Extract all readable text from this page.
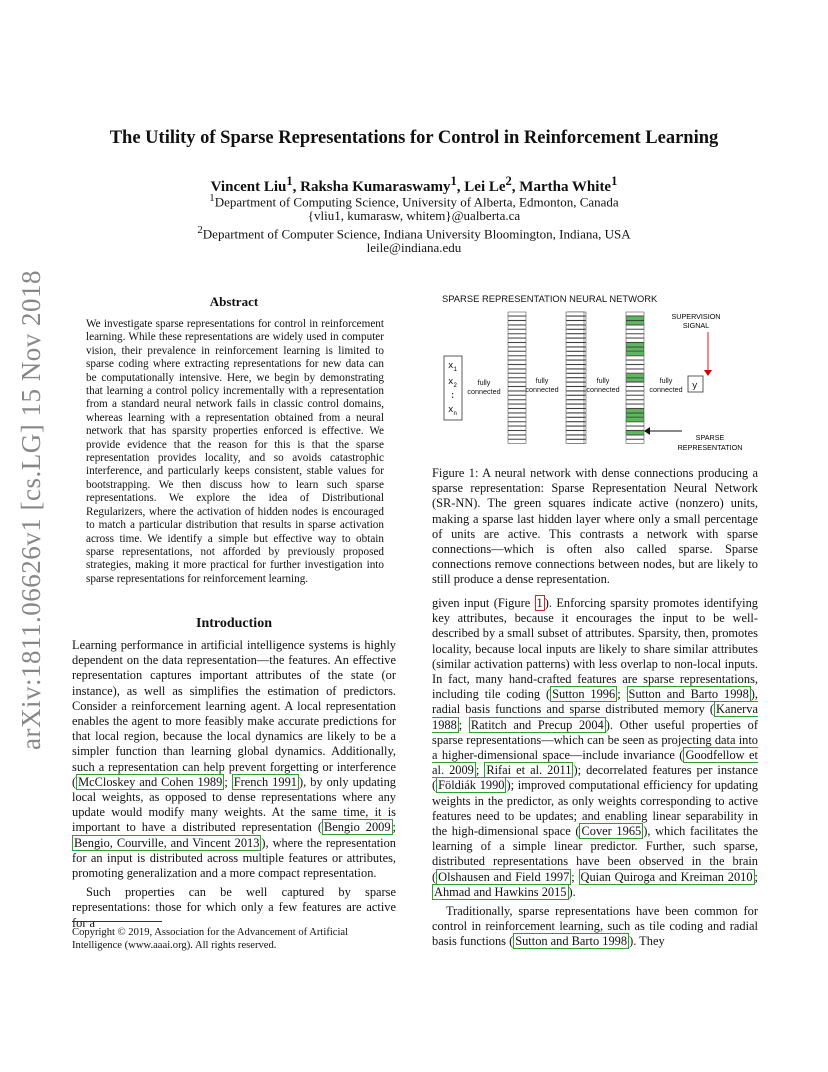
arXiv:1811.06626v1 [cs.LG] 15 Nov 2018
The Utility of Sparse Representations for Control in Reinforcement Learning
Vincent Liu$^1$, Raksha Kumaraswamy$^1$, Lei Le$^2$, Martha White$^1$
$^1$Department of Computing Science, University of Alberta, Edmonton, Canada
{vliu1, kumarasw, whitem}@ualberta.ca
$^2$Department of Computer Science, Indiana University Bloomington, Indiana, USA
leile@indiana.edu
Abstract
We investigate sparse representations for control in reinforcement learning. While these representations are widely used in computer vision, their prevalence in reinforcement learning is limited to sparse coding where extracting representations for new data can be computationally intensive. Here, we begin by demonstrating that learning a control policy incrementally with a representation from a standard neural network fails in classic control domains, whereas learning with a representation obtained from a neural network that has sparsity properties enforced is effective. We provide evidence that the reason for this is that the sparse representation provides locality, and so avoids catastrophic interference, and particularly keeps consistent, stable values for bootstrapping. We then discuss how to learn such sparse representations. We explore the idea of Distributional Regularizers, where the activation of hidden nodes is encouraged to match a particular distribution that results in sparse activation across time. We identify a simple but effective way to obtain sparse representations, not afforded by previously proposed strategies, making it more practical for further investigation into sparse representations for reinforcement learning.
Introduction

Learning performance in artificial intelligence systems is highly dependent on the data representation—the features. An effective representation captures important attributes of the state (or instance), as well as simplifies the estimation of predictors. Consider a reinforcement learning agent. A local representation enables the agent to more feasibly make accurate predictions for that local region, because the local dynamics are likely to be a simpler function than learning global dynamics. Additionally, such a representation can help prevent forgetting or interference ( McCloskey and Cohen 1989 ; French 1991 ), by only updating local weights, as opposed to dense representations where any update would modify many weights. At the same time, it is important to have a distributed representation ( Bengio 2009 ; Bengio, Courville, and Vincent 2013 ), where the representation for an input is distributed across multiple features or attributes, promoting generalization and a more compact representation.

Such properties can be well captured by sparse representations: those for which only a few features are active for a

Copyright © 2019, Association for the Advancement of Artificial Intelligence (www.aaai.org). All rights reserved.
SPARSE REPRESENTATION NEURAL NETWORK
$x_1$
$x_2$
:
$x_n$
fully
connected
fully
connected
fully
connected
fully
connected y
SUPERVISION
SIGNAL
SPARSE
REPRESENTATION
Figure 1: A neural network with dense connections producing a sparse representation: Sparse Representation Neural Network (SR-NN). The green squares indicate active (nonzero) units, making a sparse last hidden layer where only a small percentage of units are active. This contrasts a network with sparse connections—which is often also called sparse. Sparse connections remove connections between nodes, but are likely to still produce a dense representation.

given input (Figure 1 ). Enforcing sparsity promotes identifying key attributes, because it encourages the input to be well-described by a small subset of attributes. Sparsity, then, promotes locality, because local inputs are likely to share similar attributes (similar activation patterns) with less overlap to non-local inputs. In fact, many hand-crafted features are sparse representations, including tile coding ( Sutton 1996 ; Sutton and Barto 1998 ), radial basis functions and sparse distributed memory ( Kanerva 1988 ; Ratitch and Precup 2004 ). Other useful properties of sparse representations—which can be seen as projecting data into a higher-dimensional space—include invariance ( Goodfellow et al. 2009 ; Rifai et al. 2011 ); decorrelated features per instance ( Földiák 1990 ); improved computational efficiency for updating weights in the predictor, as only weights corresponding to active features need to be updates; and enabling linear separability in the high-dimensional space ( Cover 1965 ), which facilitates the learning of a simple linear predictor. Further, such sparse, distributed representations have been observed in the brain ( Olshausen and Field 1997 ; Quian Quiroga and Kreiman 2010 ; Ahmad and Hawkins 2015 ).

Traditionally, sparse representations have been common for control in reinforcement learning, such as tile coding and radial basis functions ( Sutton and Barto 1998 ). They
